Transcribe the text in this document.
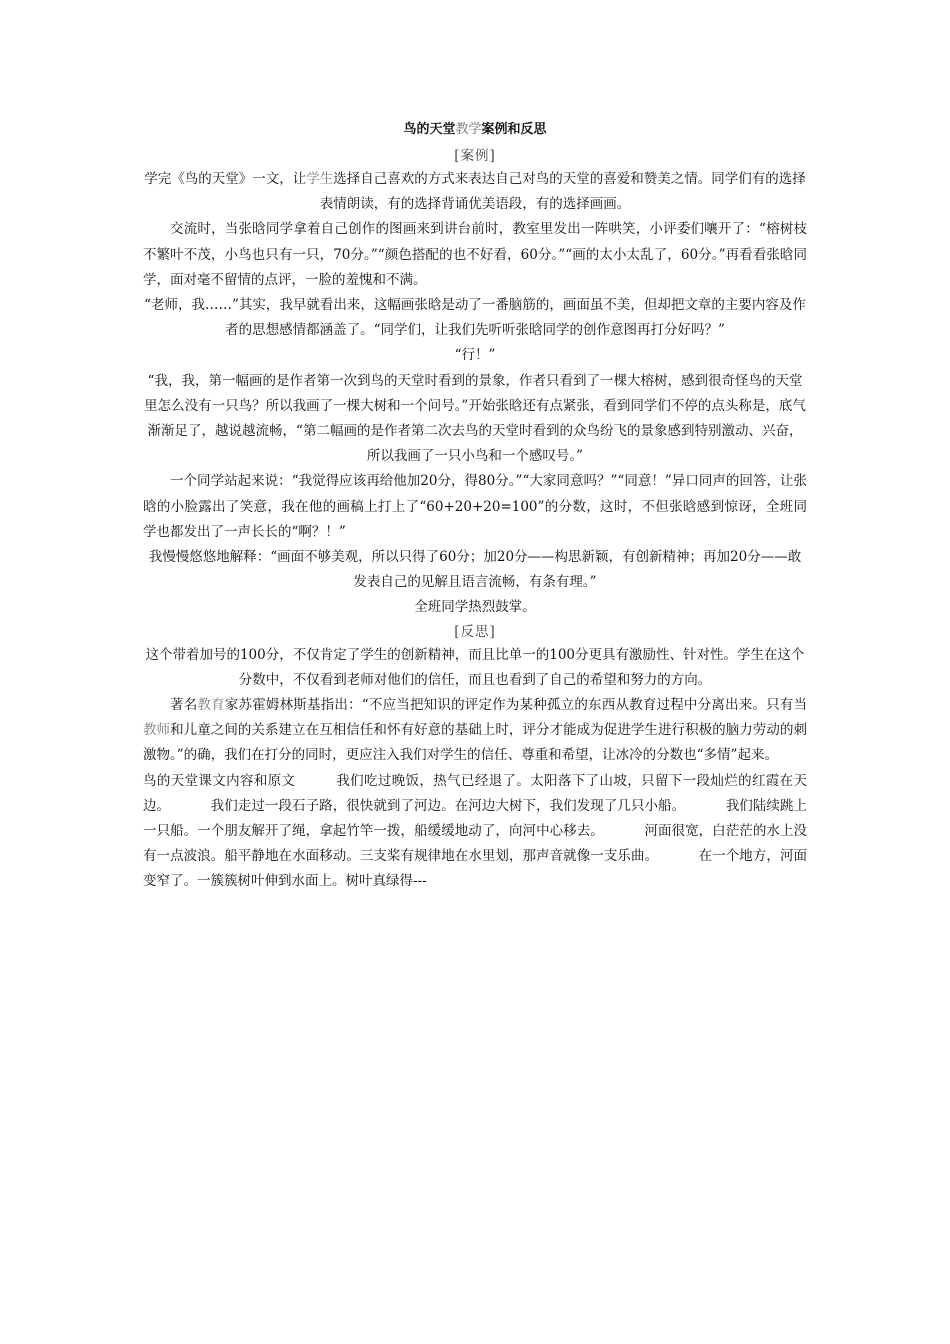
鸟的天堂教学案例和反思
[案例]

学完《鸟的天堂》一文，让学生选择自己喜欢的方式来表达自己对鸟的天堂的喜爱和赞美之情。同学们有的选择表情朗读，有的选择背诵优美语段，有的选择画画。

交流时，当张晗同学拿着自己创作的图画来到讲台前时，教室里发出一阵哄笑，小评委们嚷开了：“榕树枝不繁叶不茂，小鸟也只有一只，70分。”“颜色搭配的也不好看，60分。”“画的太小太乱了，60分。”再看看张晗同学，面对毫不留情的点评，一脸的羞愧和不满。

“老师，我……”其实，我早就看出来，这幅画张晗是动了一番脑筋的，画面虽不美，但却把文章的主要内容及作者的思想感情都涵盖了。“同学们，让我们先听听张晗同学的创作意图再打分好吗？”

“行！”

“我，我，第一幅画的是作者第一次到鸟的天堂时看到的景象，作者只看到了一棵大榕树，感到很奇怪鸟的天堂里怎么没有一只鸟？所以我画了一棵大树和一个问号。”开始张晗还有点紧张，看到同学们不停的点头称是，底气渐渐足了，越说越流畅，“第二幅画的是作者第二次去鸟的天堂时看到的众鸟纷飞的景象感到特别激动、兴奋，所以我画了一只小鸟和一个感叹号。”

一个同学站起来说：“我觉得应该再给他加20分，得80分。”“大家同意吗？”“同意！”异口同声的回答，让张晗的小脸露出了笑意，我在他的画稿上打上了“60+20+20=100”的分数，这时，不但张晗感到惊讶，全班同学也都发出了一声长长的“啊？！”

我慢慢悠悠地解释：“画面不够美观，所以只得了60分；加20分——构思新颖，有创新精神；再加20分——敢发表自己的见解且语言流畅，有条有理。”

全班同学热烈鼓掌。

[反思]

这个带着加号的100分，不仅肯定了学生的创新精神，而且比单一的100分更具有激励性、针对性。学生在这个分数中，不仅看到老师对他们的信任，而且也看到了自己的希望和努力的方向。

著名教育家苏霍姆林斯基指出：“不应当把知识的评定作为某种孤立的东西从教育过程中分离出来。只有当教师和儿童之间的关系建立在互相信任和怀有好意的基础上时，评分才能成为促进学生进行积极的脑力劳动的刺激物。”的确，我们在打分的同时，更应注入我们对学生的信任、尊重和希望，让冰冷的分数也“多情”起来。

鸟的天堂课文内容和原文	我们吃过晚饭，热气已经退了。太阳落下了山坡，只留下一段灿烂的红霞在天边。	我们走过一段石子路，很快就到了河边。在河边大树下，我们发现了几只小船。	我们陆续跳上一只船。一个朋友解开了绳，拿起竹竿一拨，船缓缓地动了，向河中心移去。	河面很宽，白茫茫的水上没有一点波浪。船平静地在水面移动。三支桨有规律地在水里划，那声音就像一支乐曲。	在一个地方，河面变窄了。一簇簇树叶伸到水面上。树叶真绿得---
